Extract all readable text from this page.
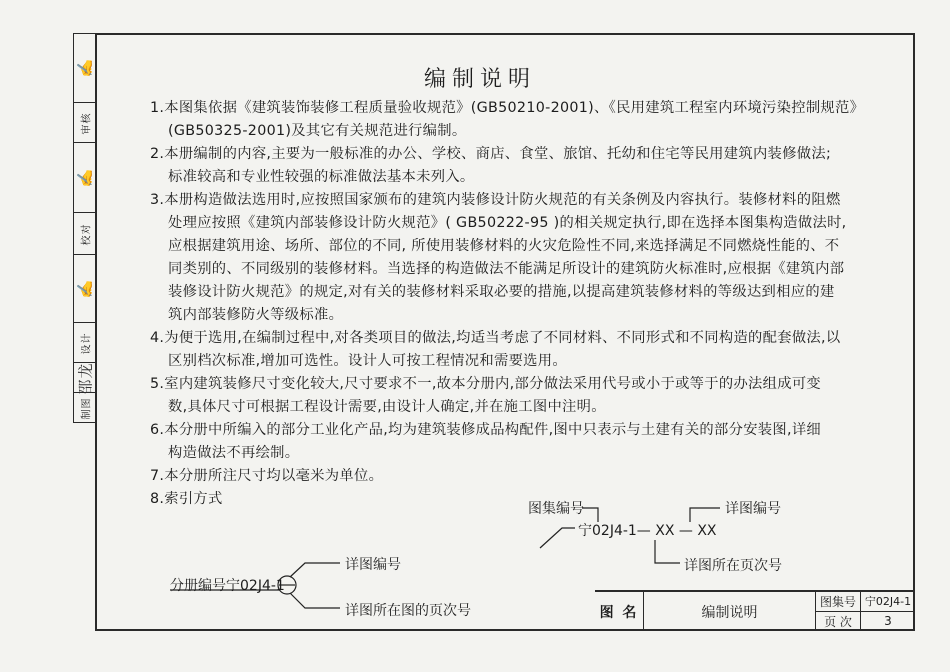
✍
审核
✍
校对
✍
设计
邵龙
制图
编制说明
1.本图集依据《建筑装饰装修工程质量验收规范》(GB50210-2001)、《民用建筑工程室内环境污染控制规范》
(GB50325-2001)及其它有关规范进行编制。
2.本册编制的内容,主要为一般标准的办公、学校、商店、食堂、旅馆、托幼和住宅等民用建筑内装修做法;
标准较高和专业性较强的标准做法基本未列入。
3.本册构造做法选用时,应按照国家颁布的建筑内装修设计防火规范的有关条例及内容执行。装修材料的阻燃
处理应按照《建筑内部装修设计防火规范》( GB50222-95 )的相关规定执行,即在选择本图集构造做法时,
应根据建筑用途、场所、部位的不同, 所使用装修材料的火灾危险性不同,来选择满足不同燃烧性能的、不
同类别的、不同级别的装修材料。当选择的构造做法不能满足所设计的建筑防火标准时,应根据《建筑内部
装修设计防火规范》的规定,对有关的装修材料采取必要的措施,以提高建筑装修材料的等级达到相应的建
筑内部装修防火等级标准。
4.为便于选用,在编制过程中,对各类项目的做法,均适当考虑了不同材料、不同形式和不同构造的配套做法,以
区别档次标准,增加可选性。设计人可按工程情况和需要选用。
5.室内建筑装修尺寸变化较大,尺寸要求不一,故本分册内,部分做法采用代号或小于或等于的办法组成可变
数,具体尺寸可根据工程设计需要,由设计人确定,并在施工图中注明。
6.本分册中所编入的部分工业化产品,均为建筑装修成品构配件,图中只表示与土建有关的部分安装图,详细
构造做法不再绘制。
7.本分册所注尺寸均以毫米为单位。
8.索引方式
分册编号宁02J4-1
详图编号
详图所在图的页次号
图集编号
宁02J4-1— XX — XX
详图编号
详图所在页次号
图 名	编制说明
图集号
页 次
宁02J4-1
3
